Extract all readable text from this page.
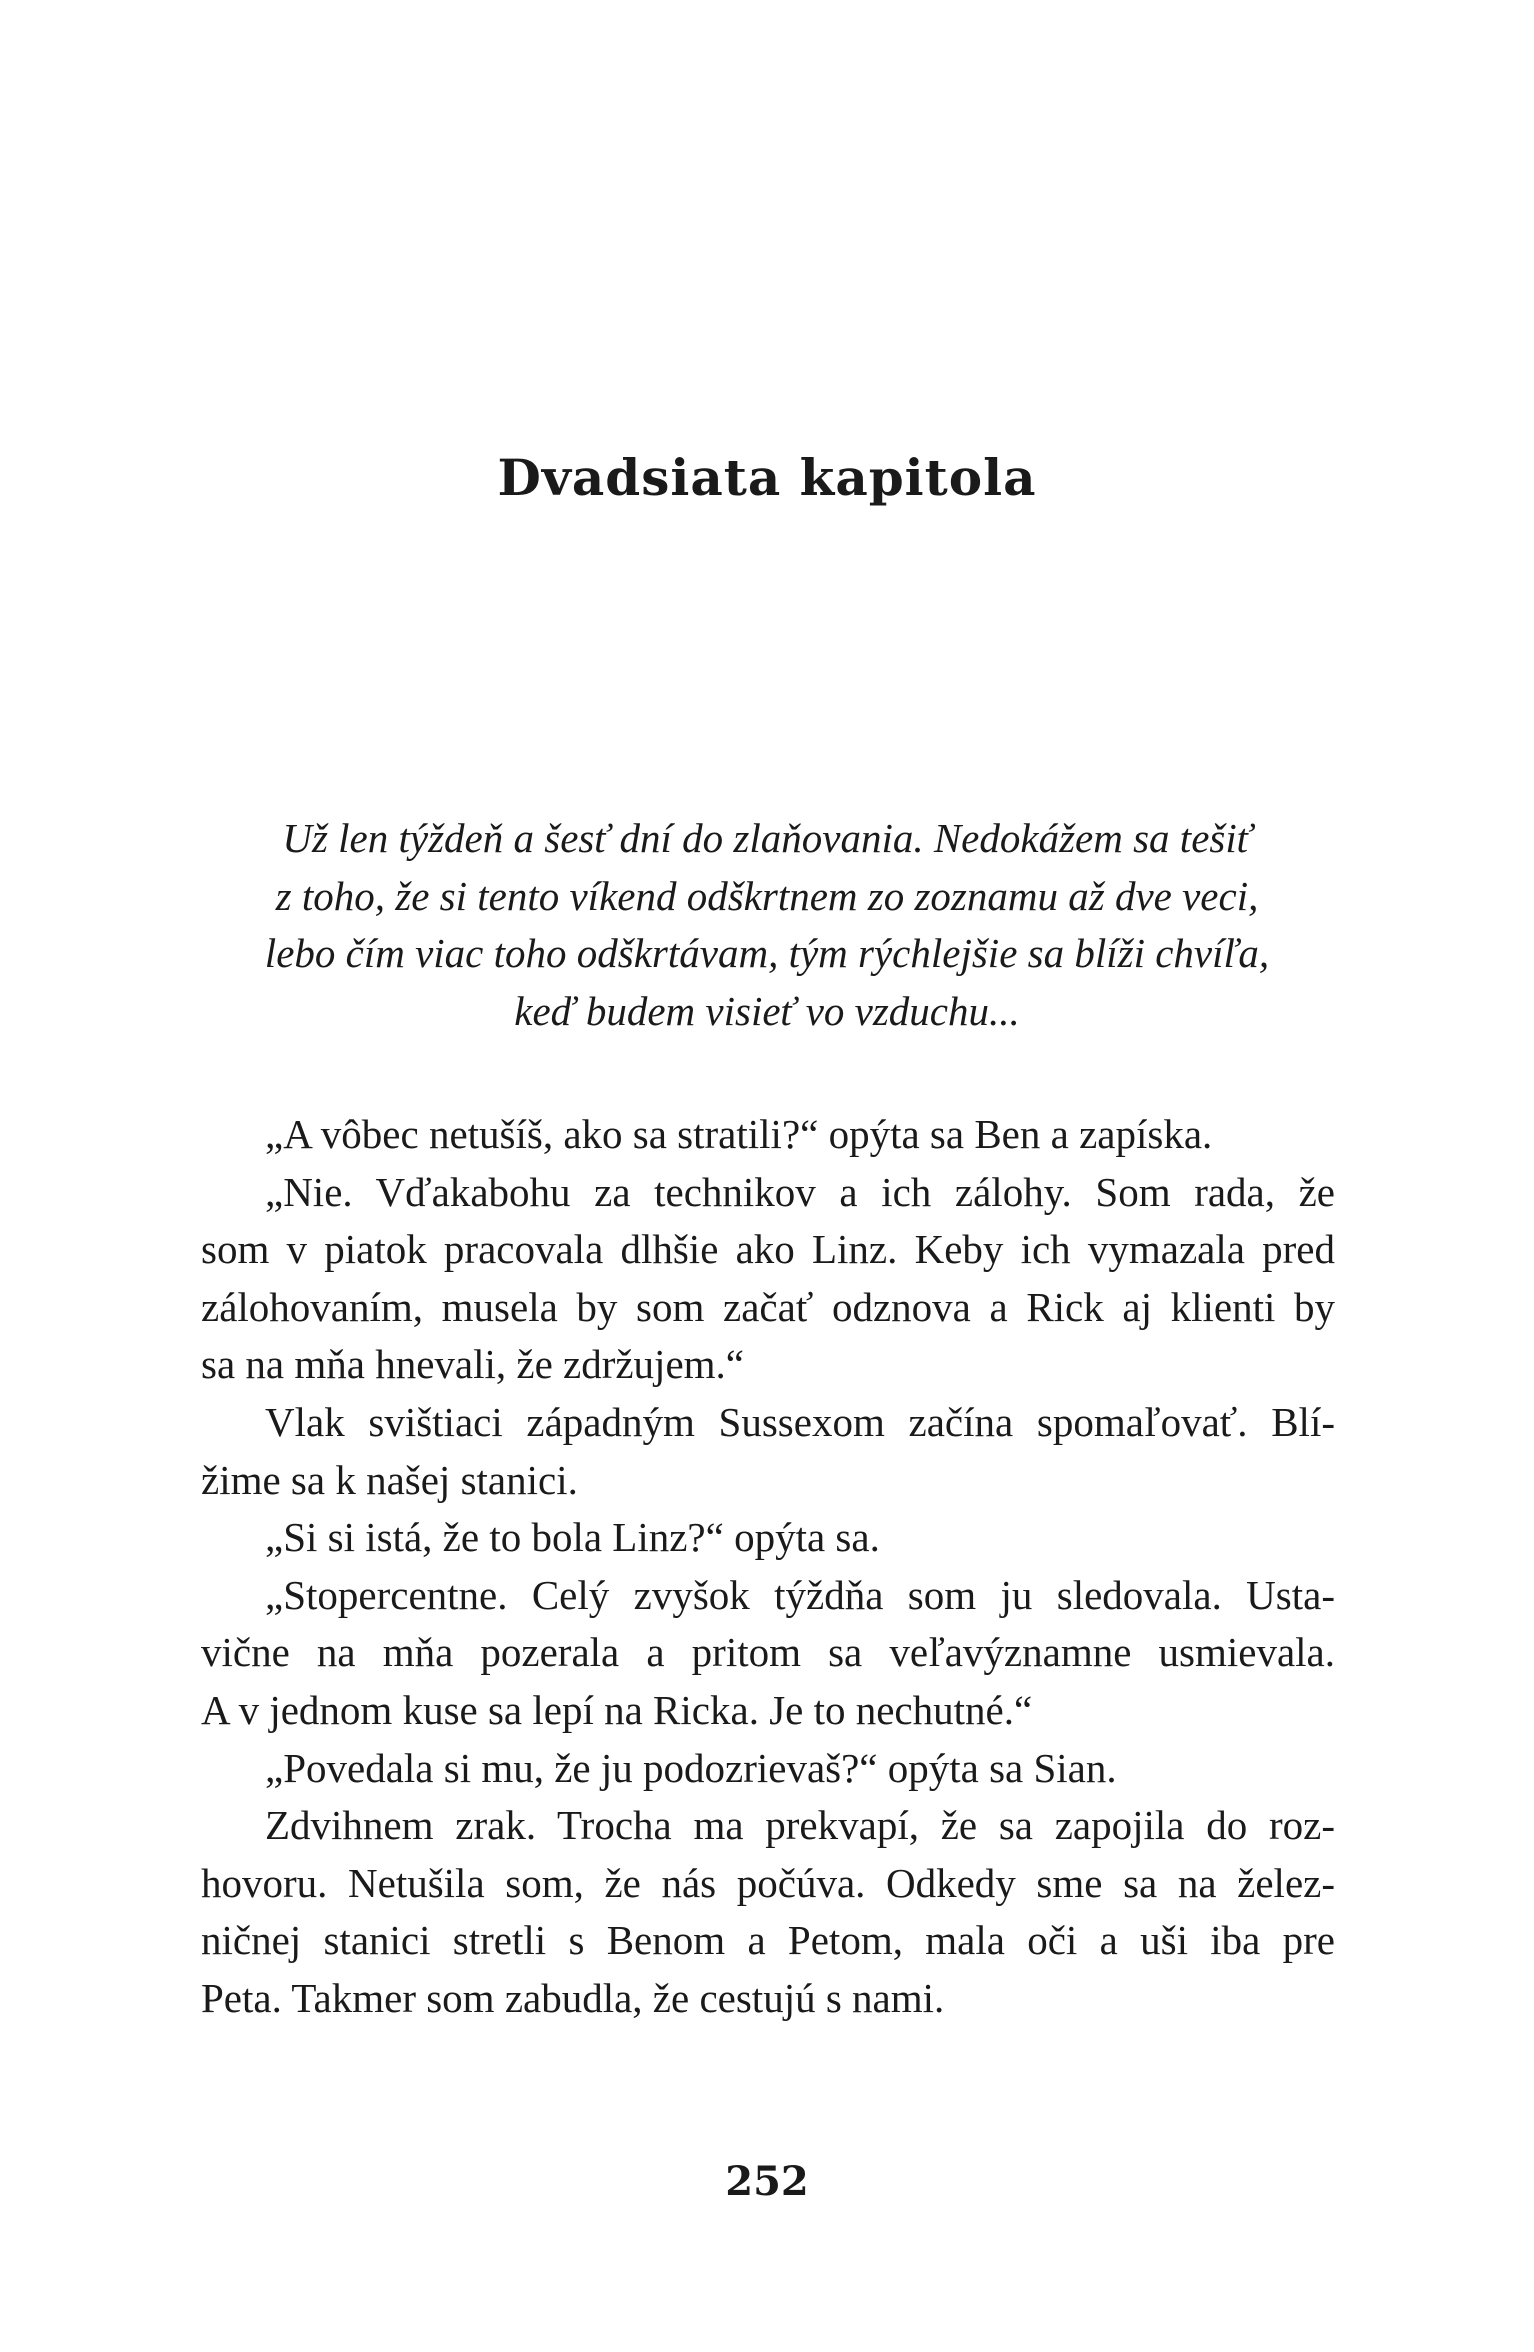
Dvadsiata kapitola
Už len týždeň a šesť dní do zlaňovania. Nedokážem sa tešiť
z toho, že si tento víkend odškrtnem zo zoznamu až dve veci,
lebo čím viac toho odškrtávam, tým rýchlejšie sa blíži chvíľa,
keď budem visieť vo vzduchu...
„A vôbec netušíš, ako sa stratili?“ opýta sa Ben a zapíska.
„Nie. Vďakabohu za technikov a ich zálohy. Som rada, že
som v piatok pracovala dlhšie ako Linz. Keby ich vymazala pred
zálohovaním, musela by som začať odznova a Rick aj klienti by
sa na mňa hnevali, že zdržujem.“
Vlak svištiaci západným Sussexom začína spomaľovať. Blí-
žime sa k našej stanici.
„Si si istá, že to bola Linz?“ opýta sa.
„Stopercentne. Celý zvyšok týždňa som ju sledovala. Usta-
vične na mňa pozerala a pritom sa veľavýznamne usmievala.
A v jednom kuse sa lepí na Ricka. Je to nechutné.“
„Povedala si mu, že ju podozrievaš?“ opýta sa Sian.
Zdvihnem zrak. Trocha ma prekvapí, že sa zapojila do roz-
hovoru. Netušila som, že nás počúva. Odkedy sme sa na želez-
ničnej stanici stretli s Benom a Petom, mala oči a uši iba pre
Peta. Takmer som zabudla, že cestujú s nami.
252
